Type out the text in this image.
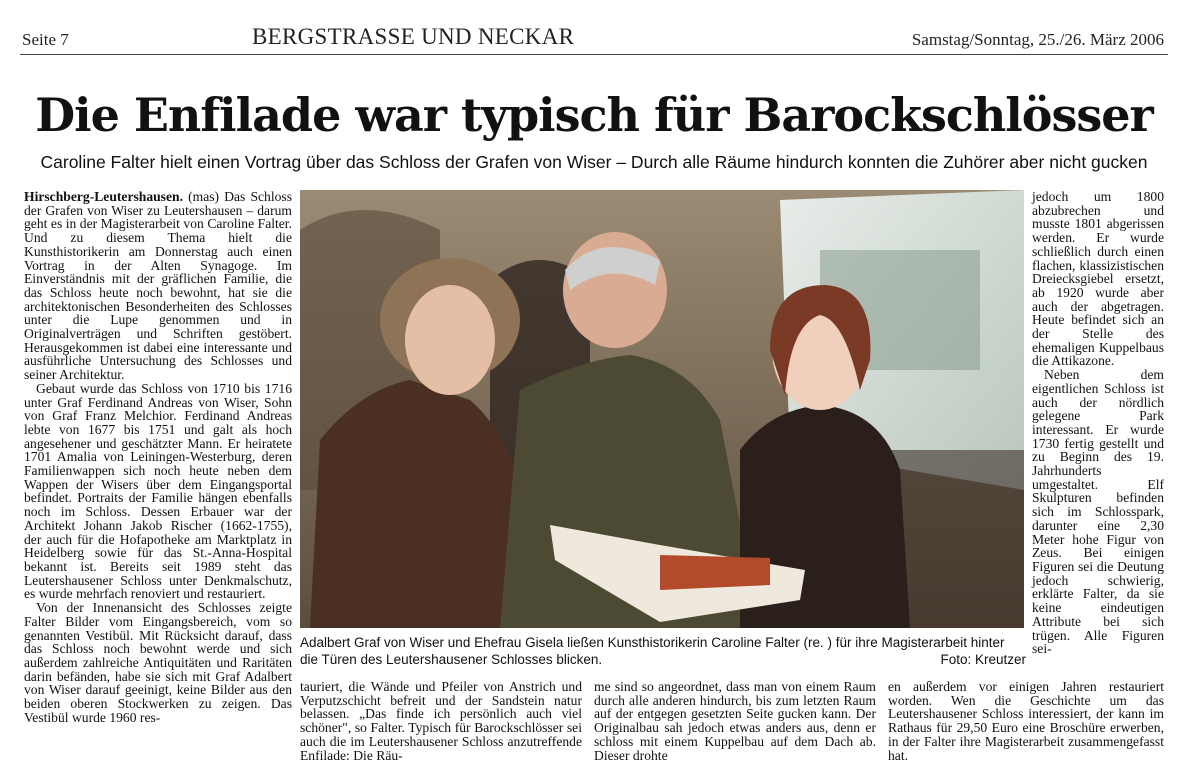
Seite 7	BERGSTRASSE UND NECKAR	Samstag/Sonntag, 25./26. März 2006
Die Enfilade war typisch für Barockschlösser
Caroline Falter hielt einen Vortrag über das Schloss der Grafen von Wiser – Durch alle Räume hindurch konnten die Zuhörer aber nicht gucken

Hirschberg-Leutershausen. (mas) Das Schloss der Grafen von Wiser zu Leutershausen – darum geht es in der Magisterarbeit von Caroline Falter. Und zu diesem Thema hielt die Kunsthistorikerin am Donnerstag auch einen Vortrag in der Alten Synagoge. Im Einverständnis mit der gräflichen Familie, die das Schloss heute noch bewohnt, hat sie die architektonischen Besonderheiten des Schlosses unter die Lupe genommen und in Originalverträgen und Schriften gestöbert. Herausgekommen ist dabei eine interessante und ausführliche Untersuchung des Schlosses und seiner Architektur.

Gebaut wurde das Schloss von 1710 bis 1716 unter Graf Ferdinand Andreas von Wiser, Sohn von Graf Franz Melchior. Ferdinand Andreas lebte von 1677 bis 1751 und galt als hoch angesehener und geschätzter Mann. Er heiratete 1701 Amalia von Leiningen-Westerburg, deren Familienwappen sich noch heute neben dem Wappen der Wisers über dem Eingangsportal befindet. Portraits der Familie hängen ebenfalls noch im Schloss. Dessen Erbauer war der Architekt Johann Jakob Rischer (1662-1755), der auch für die Hofapotheke am Marktplatz in Heidelberg sowie für das St.-Anna-Hospital bekannt ist. Bereits seit 1989 steht das Leutershausener Schloss unter Denkmalschutz, es wurde mehrfach renoviert und restauriert.

Von der Innenansicht des Schlosses zeigte Falter Bilder vom Eingangsbereich, vom so genannten Vestibül. Mit Rücksicht darauf, dass das Schloss noch bewohnt werde und sich außerdem zahlreiche Antiquitäten und Raritäten darin befänden, habe sie sich mit Graf Adalbert von Wiser darauf geeinigt, keine Bilder aus den beiden oberen Stockwerken zu zeigen. Das Vestibül wurde 1960 res-

Adalbert Graf von Wiser und Ehefrau Gisela ließen Kunsthistorikerin Caroline Falter (re. ) für ihre Magisterarbeit hinter die Türen des Leutershausener Schlosses blicken.	Foto: Kreutzer

tauriert, die Wände und Pfeiler von Anstrich und Verputzschicht befreit und der Sandstein natur belassen. „Das finde ich persönlich auch viel schöner", so Falter. Typisch für Barockschlösser sei auch die im Leutershausener Schloss anzutreffende Enfilade: Die Räu-

me sind so angeordnet, dass man von einem Raum durch alle anderen hindurch, bis zum letzten Raum auf der entgegen gesetzten Seite gucken kann. Der Originalbau sah jedoch etwas anders aus, denn er schloss mit einem Kuppelbau auf dem Dach ab. Dieser drohte

jedoch um 1800 abzubrechen und musste 1801 abgerissen werden. Er wurde schließlich durch einen flachen, klassizistischen Dreiecksgiebel ersetzt, ab 1920 wurde aber auch der abgetragen. Heute befindet sich an der Stelle des ehemaligen Kuppelbaus die Attikazone.

Neben dem eigentlichen Schloss ist auch der nördlich gelegene Park interessant. Er wurde 1730 fertig gestellt und zu Beginn des 19. Jahrhunderts umgestaltet. Elf Skulpturen befinden sich im Schlosspark, darunter eine 2,30 Meter hohe Figur von Zeus. Bei einigen Figuren sei die Deutung jedoch schwierig, erklärte Falter, da sie keine eindeutigen Attribute bei sich trügen. Alle Figuren sei-

en außerdem vor einigen Jahren restauriert worden. Wen die Geschichte um das Leutershausener Schloss interessiert, der kann im Rathaus für 29,50 Euro eine Broschüre erwerben, in der Falter ihre Magisterarbeit zusammengefasst hat.
